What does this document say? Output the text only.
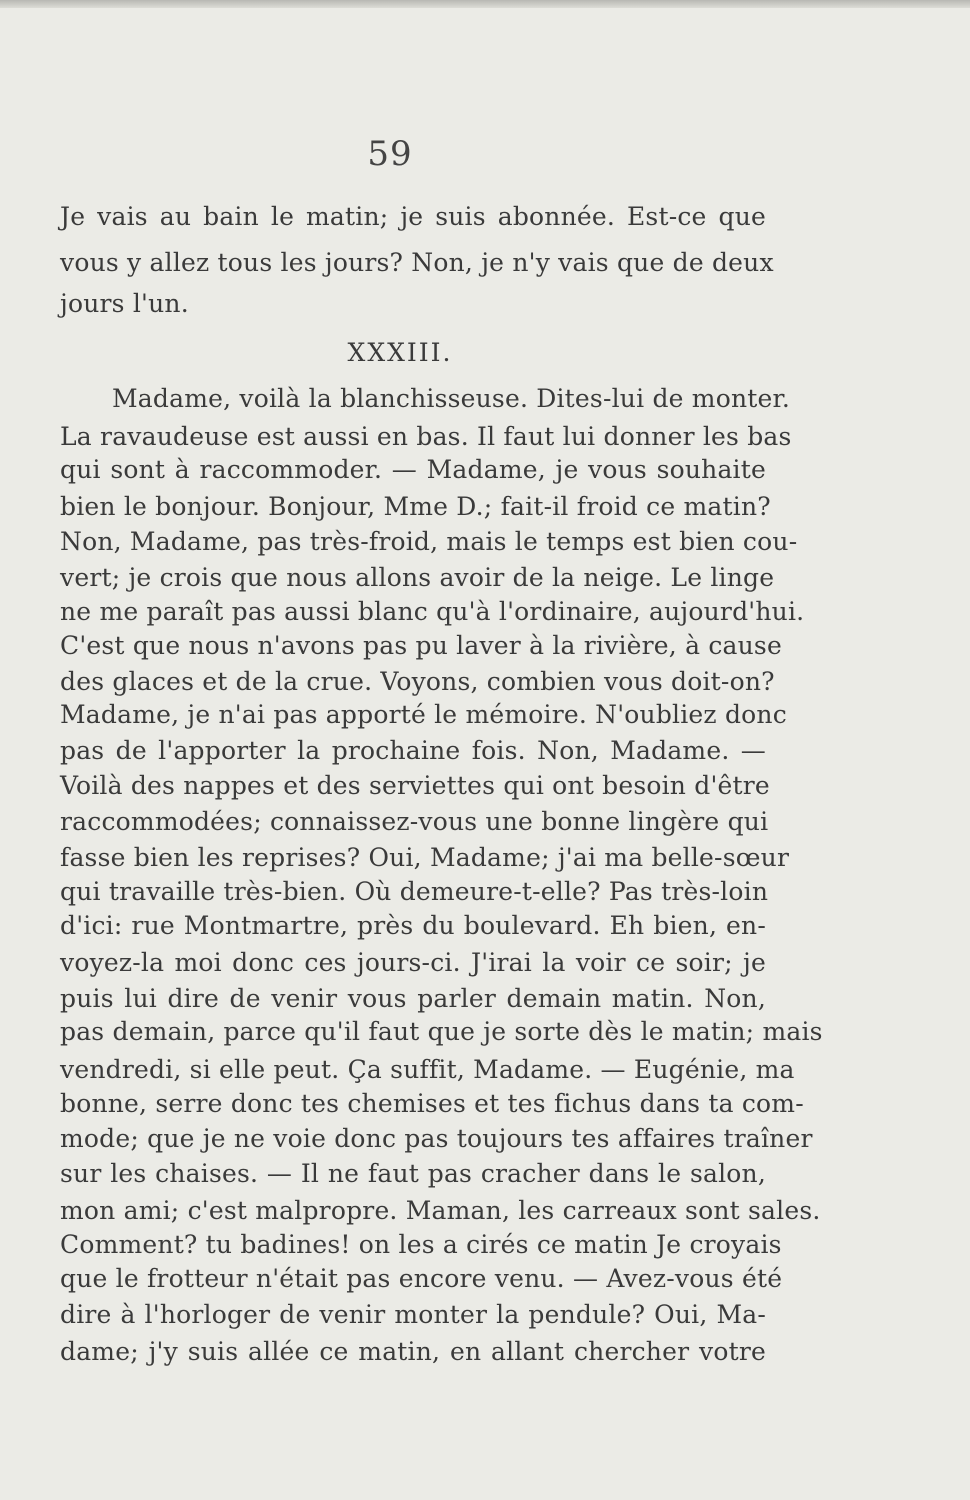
59

Je vais au bain le matin; je suis abonnée. Est-ce que

vous y allez tous les jours? Non, je n'y vais que de deux

jours l'un.

XXXIII.

Madame, voilà la blanchisseuse. Dites-lui de monter.

La ravaudeuse est aussi en bas. Il faut lui donner les bas

qui sont à raccommoder. — Madame, je vous souhaite

bien le bonjour. Bonjour, Mme D.; fait-il froid ce matin?

Non, Madame, pas très-froid, mais le temps est bien cou-

vert; je crois que nous allons avoir de la neige. Le linge

ne me paraît pas aussi blanc qu'à l'ordinaire, aujourd'hui.

C'est que nous n'avons pas pu laver à la rivière, à cause

des glaces et de la crue. Voyons, combien vous doit-on?

Madame, je n'ai pas apporté le mémoire. N'oubliez donc

pas de l'apporter la prochaine fois. Non, Madame. —

Voilà des nappes et des serviettes qui ont besoin d'être

raccommodées; connaissez-vous une bonne lingère qui

fasse bien les reprises? Oui, Madame; j'ai ma belle-sœur

qui travaille très-bien. Où demeure-t-elle? Pas très-loin

d'ici: rue Montmartre, près du boulevard. Eh bien, en-

voyez-la moi donc ces jours-ci. J'irai la voir ce soir; je

puis lui dire de venir vous parler demain matin. Non,

pas demain, parce qu'il faut que je sorte dès le matin; mais

vendredi, si elle peut. Ça suffit, Madame. — Eugénie, ma

bonne, serre donc tes chemises et tes fichus dans ta com-

mode; que je ne voie donc pas toujours tes affaires traîner

sur les chaises. — Il ne faut pas cracher dans le salon,

mon ami; c'est malpropre. Maman, les carreaux sont sales.

Comment? tu badines! on les a cirés ce matin Je croyais

que le frotteur n'était pas encore venu. — Avez-vous été

dire à l'horloger de venir monter la pendule? Oui, Ma-

dame; j'y suis allée ce matin, en allant chercher votre
